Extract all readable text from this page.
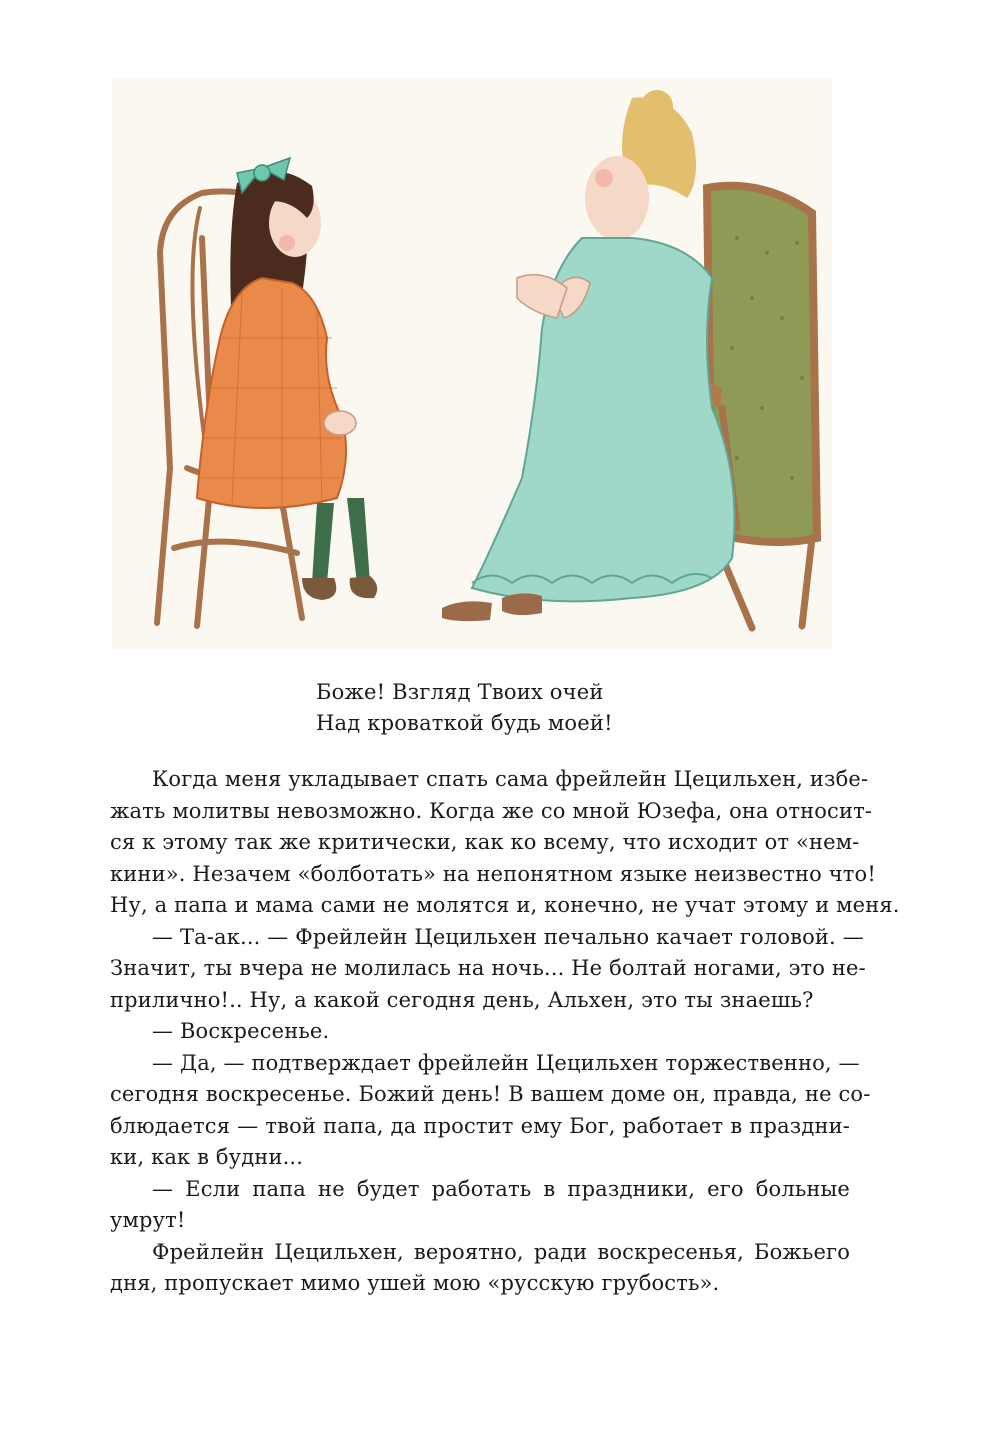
Боже! Взгляд Твоих очей
Над кроваткой будь моей!
Когда меня укладывает спать сама фрейлейн Цецильхен, избе-
жать молитвы невозможно. Когда же со мной Юзефа, она относит-
ся к этому так же критически, как ко всему, что исходит от «нем-
кини». Незачем «болботать» на непонятном языке неизвестно что!
Ну, а папа и мама сами не молятся и, конечно, не учат этому и меня.
— Та-ак... — Фрейлейн Цецильхен печально качает головой. —
Значит, ты вчера не молилась на ночь... Не болтай ногами, это не-
прилично!.. Ну, а какой сегодня день, Альхен, это ты знаешь?
— Воскресенье.
— Да, — подтверждает фрейлейн Цецильхен торжественно, —
сегодня воскресенье. Божий день! В вашем доме он, правда, не со-
блюдается — твой папа, да простит ему Бог, работает в праздни-
ки, как в будни...
— Если папа не будет работать в праздники, его больные
умрут!
Фрейлейн Цецильхен, вероятно, ради воскресенья, Божьего
дня, пропускает мимо ушей мою «русскую грубость».
